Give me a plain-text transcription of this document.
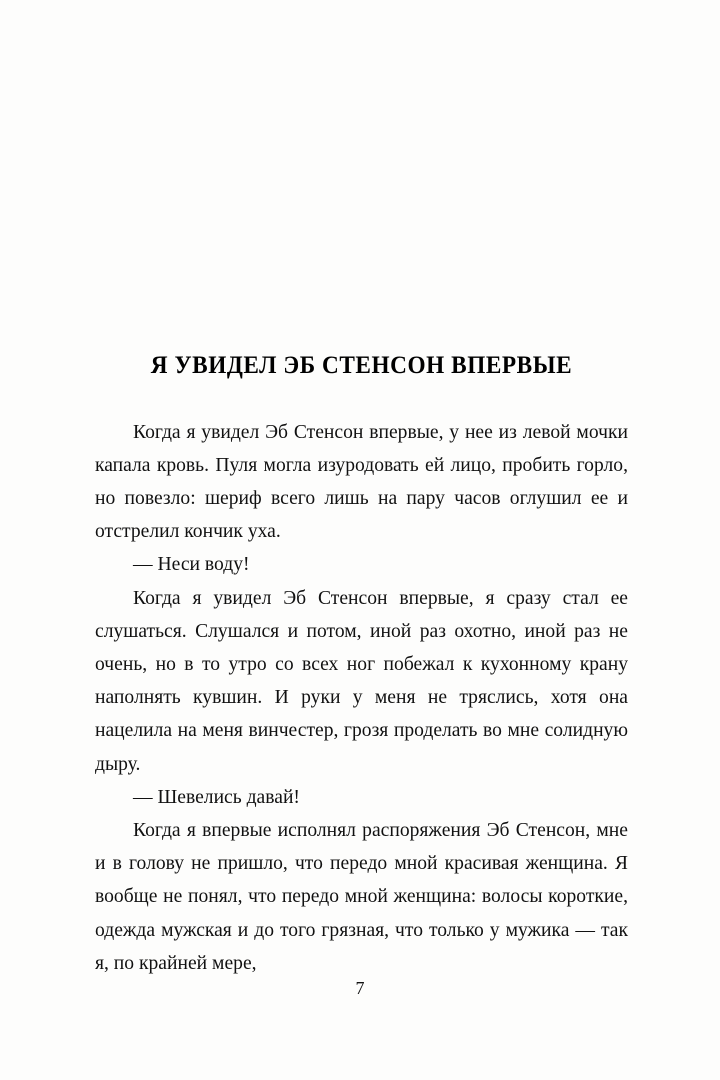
Я УВИДЕЛ ЭБ СТЕНСОН ВПЕРВЫЕ

Когда я увидел Эб Стенсон впервые, у нее из левой мочки капала кровь. Пуля могла изуродовать ей лицо, пробить горло, но повезло: шериф всего лишь на пару часов оглушил ее и отстрелил кончик уха.

— Неси воду!

Когда я увидел Эб Стенсон впервые, я сразу стал ее слушаться. Слушался и потом, иной раз охотно, иной раз не очень, но в то утро со всех ног побежал к кухонному крану наполнять кувшин. И руки у меня не тряслись, хотя она нацелила на меня винчестер, грозя проделать во мне солидную дыру.

— Шевелись давай!

Когда я впервые исполнял распоряжения Эб Стенсон, мне и в голову не пришло, что передо мной красивая женщина. Я вообще не понял, что передо мной женщина: волосы короткие, одежда мужская и до того грязная, что только у мужика — так я, по крайней мере,

7
